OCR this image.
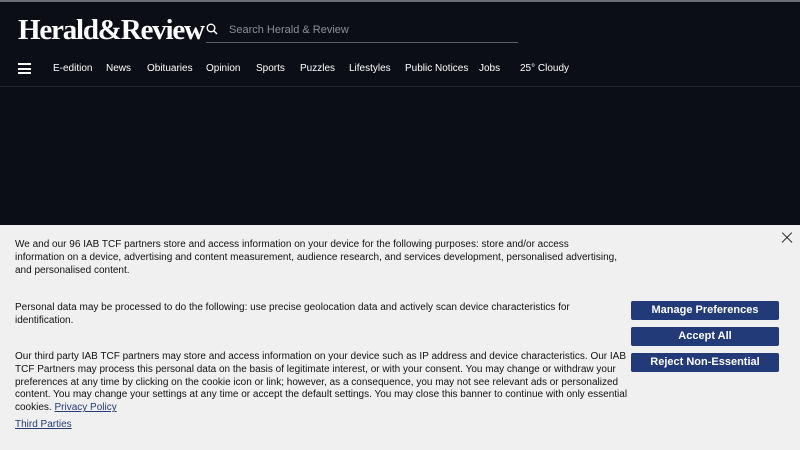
Herald&Review
Search Herald & Review
E-edition News Obituaries Opinion Sports Puzzles Lifestyles Public Notices Jobs 25° Cloudy
We and our 96 IAB TCF partners store and access information on your device for the following purposes: store and/or access information on a device, advertising and content measurement, audience research, and services development, personalised advertising, and personalised content.
Personal data may be processed to do the following: use precise geolocation data and actively scan device characteristics for identification.
Our third party IAB TCF partners may store and access information on your device such as IP address and device characteristics. Our IAB TCF Partners may process this personal data on the basis of legitimate interest, or with your consent. You may change or withdraw your preferences at any time by clicking on the cookie icon or link; however, as a consequence, you may not see relevant ads or personalized content. You may change your settings at any time or accept the default settings. You may close this banner to continue with only essential cookies. Privacy Policy
Third Parties
Manage Preferences
Accept All
Reject Non-Essential
